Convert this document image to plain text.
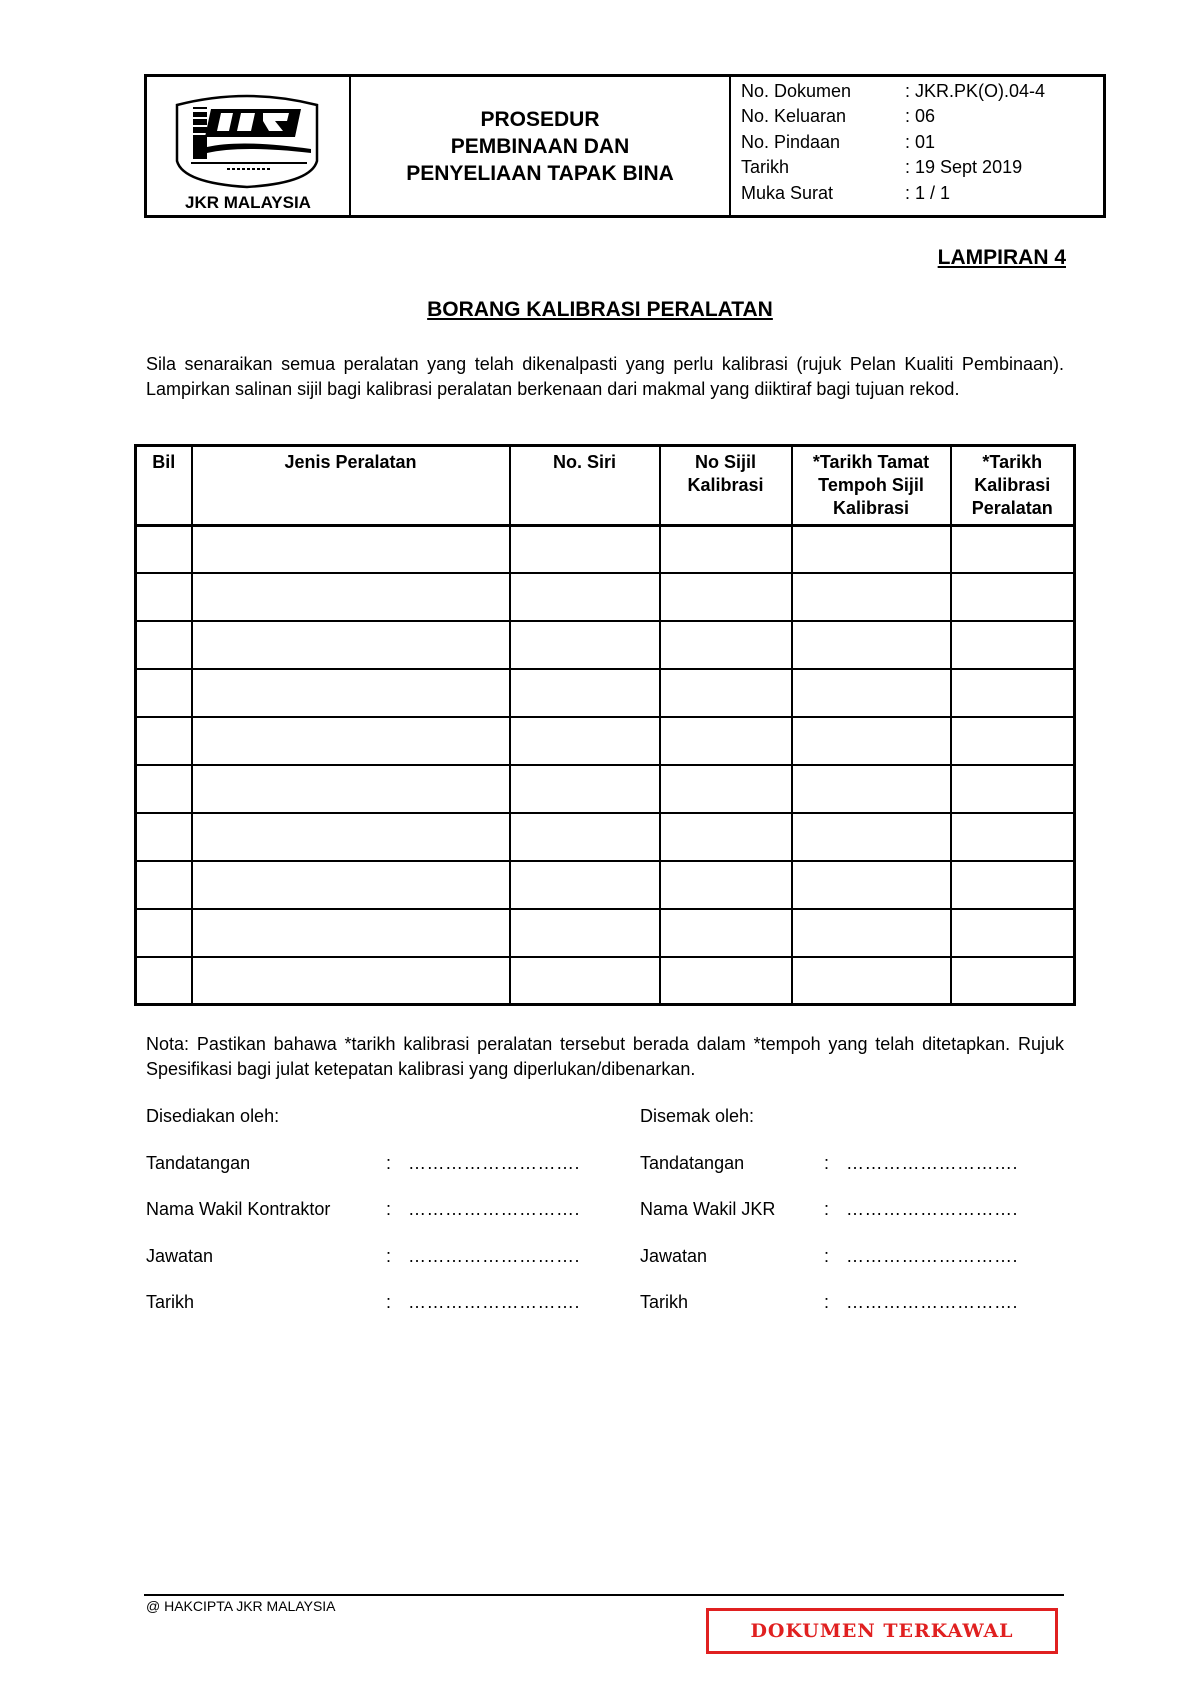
JKR MALAYSIA
PROSEDUR
PEMBINAAN DAN
PENYELIAAN TAPAK BINA
No. Dokumen	: JKR.PK(O).04-4
No. Keluaran	: 06
No. Pindaan	: 01
Tarikh	: 19 Sept 2019
Muka Surat	: 1 / 1
LAMPIRAN 4
BORANG KALIBRASI PERALATAN
Sila senaraikan semua peralatan yang telah dikenalpasti yang perlu kalibrasi (rujuk Pelan Kualiti Pembinaan). Lampirkan salinan sijil bagi kalibrasi peralatan berkenaan dari makmal yang diiktiraf bagi tujuan rekod.
Bil	Jenis Peralatan	No. Siri	No Sijil Kalibrasi	*Tarikh Tamat Tempoh Sijil Kalibrasi	*Tarikh Kalibrasi Peralatan

Nota: Pastikan bahawa *tarikh kalibrasi peralatan tersebut berada dalam *tempoh yang telah ditetapkan. Rujuk Spesifikasi bagi julat ketepatan kalibrasi yang diperlukan/dibenarkan.
Disediakan oleh:	Disemak oleh:
Tandatangan	: ……………………….	Tandatangan	: ……………………….
Nama Wakil Kontraktor	: ……………………….	Nama Wakil JKR	: ……………………….
Jawatan	: ……………………….	Jawatan	: ……………………….
Tarikh	: ……………………….	Tarikh	: ……………………….
@ HAKCIPTA JKR MALAYSIA
DOKUMEN TERKAWAL
